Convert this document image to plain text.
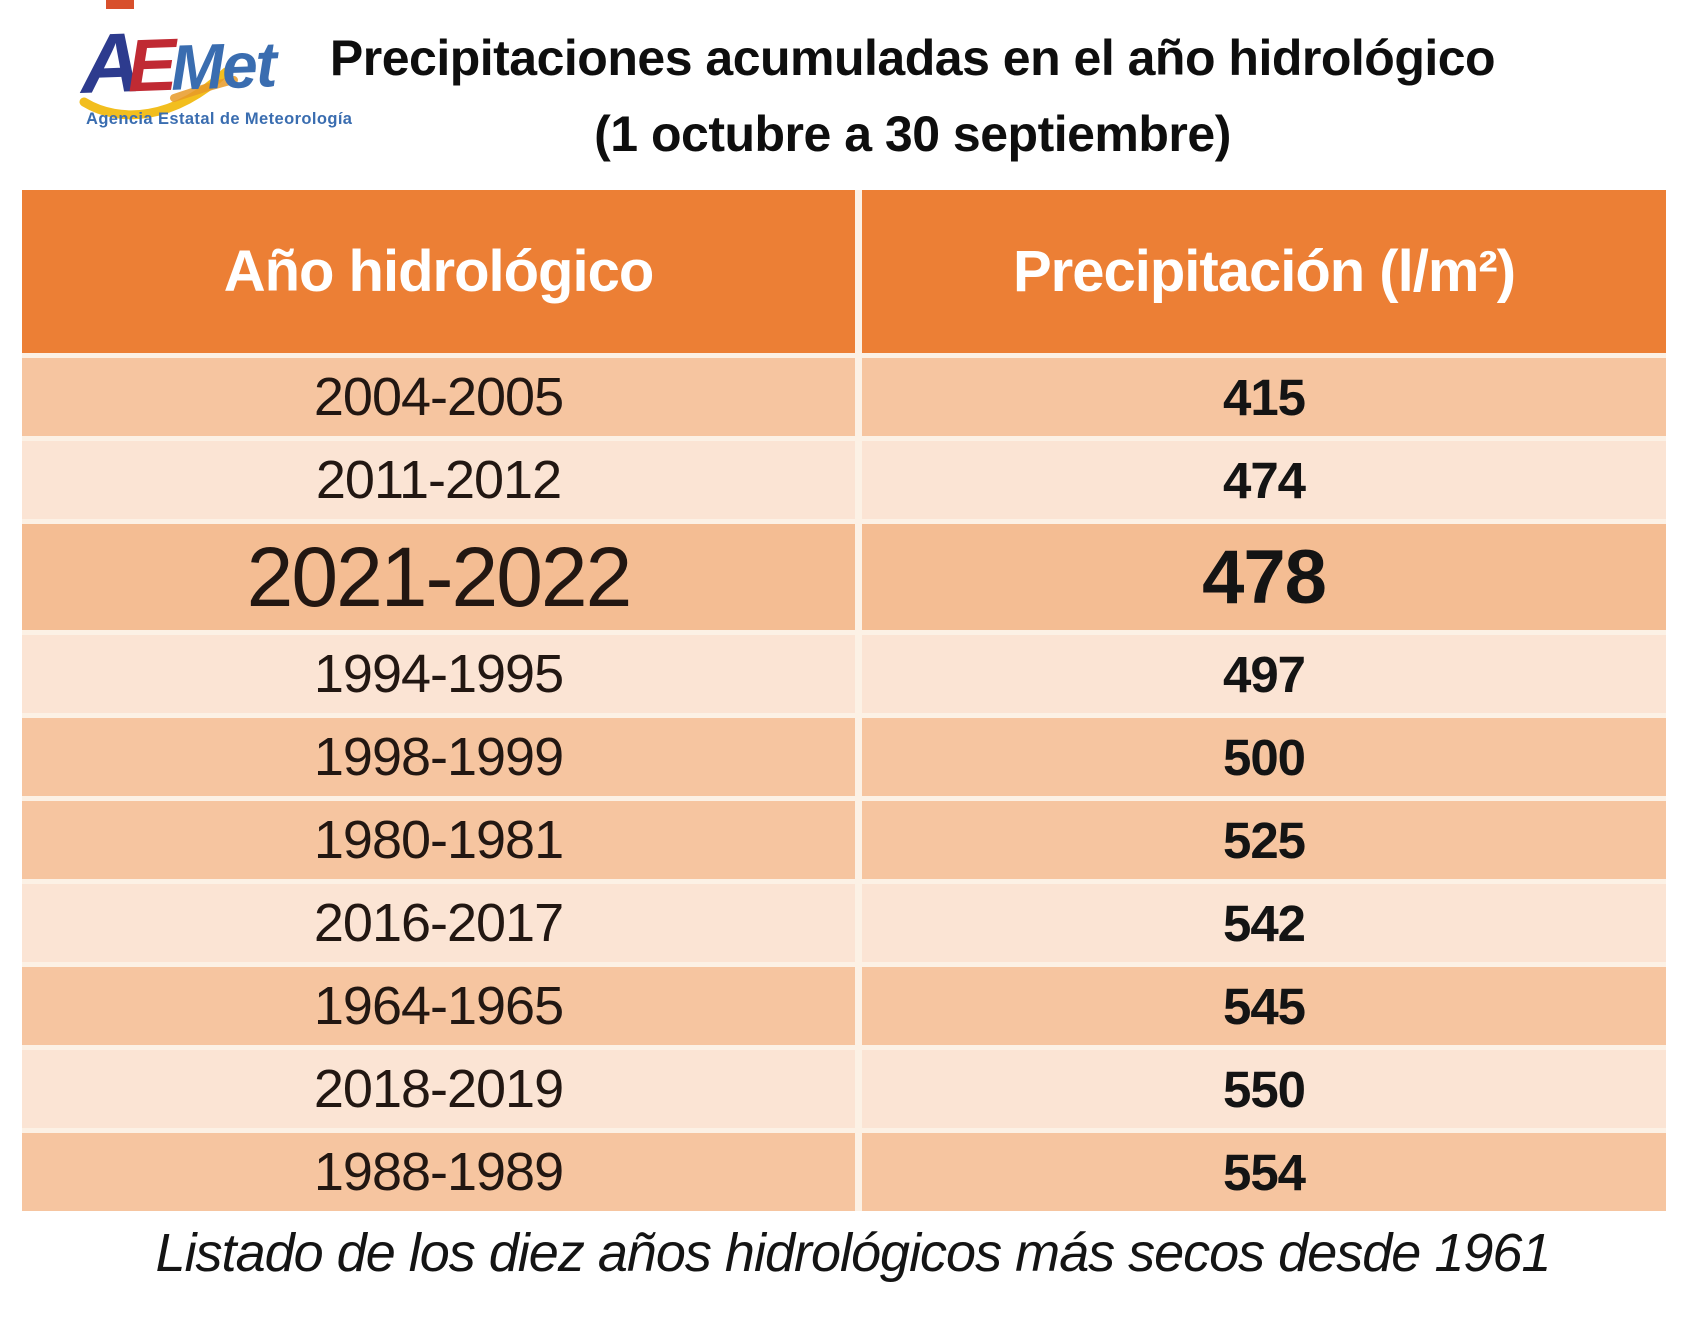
AEMet
Agencia Estatal de Meteorología
Precipitaciones acumuladas en el año hidrológico
(1 octubre a 30 septiembre)
Año hidrológico	Precipitación (l/m²)
2004-2005	415
2011-2012	474
2021-2022	478
1994-1995	497
1998-1999	500
1980-1981	525
2016-2017	542
1964-1965	545
2018-2019	550
1988-1989	554
Listado de los diez años hidrológicos más secos desde 1961
